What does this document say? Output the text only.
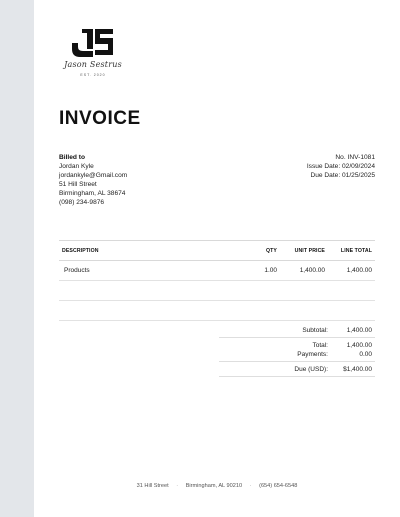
Jason Sestrus
EST. 2020
INVOICE
Billed to
Jordan Kyle
jordankyle@Gmail.com
51 Hill Street
Birmingham, AL 38674
(098) 234-9876
No. INV-1081
Issue Date: 02/09/2024
Due Date: 01/25/2025
DESCRIPTION	QTY	UNIT PRICE	LINE TOTAL
Products	1.00	1,400.00	1,400.00
Subtotal:	1,400.00
Total:	1,400.00
Payments:	0.00
Due (USD):	$1,400.00
31 Hill Street · Birmingham, AL 90210 · (654) 654-6548
